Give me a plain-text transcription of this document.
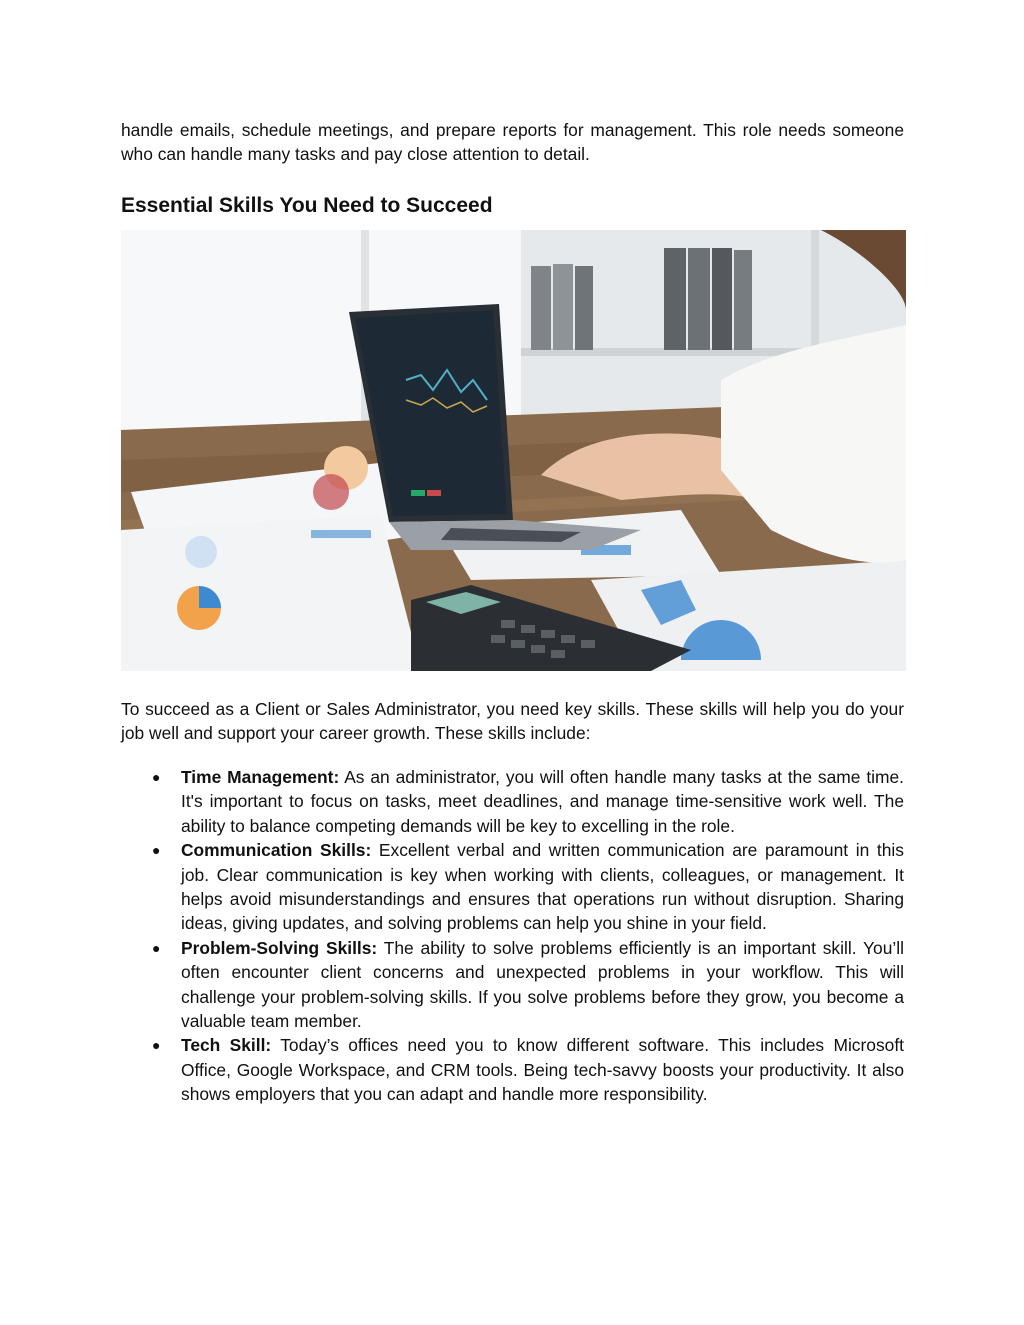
handle emails, schedule meetings, and prepare reports for management. This role needs someone who can handle many tasks and pay close attention to detail.

Essential Skills You Need to Succeed

To succeed as a Client or Sales Administrator, you need key skills. These skills will help you do your job well and support your career growth. These skills include:

● Time Management: As an administrator, you will often handle many tasks at the same time. It's important to focus on tasks, meet deadlines, and manage time-sensitive work well. The ability to balance competing demands will be key to excelling in the role.
● Communication Skills: Excellent verbal and written communication are paramount in this job. Clear communication is key when working with clients, colleagues, or management. It helps avoid misunderstandings and ensures that operations run without disruption. Sharing ideas, giving updates, and solving problems can help you shine in your field.
● Problem-Solving Skills: The ability to solve problems efficiently is an important skill. You’ll often encounter client concerns and unexpected problems in your workflow. This will challenge your problem-solving skills. If you solve problems before they grow, you become a valuable team member.
● Tech Skill: Today’s offices need you to know different software. This includes Microsoft Office, Google Workspace, and CRM tools. Being tech-savvy boosts your productivity. It also shows employers that you can adapt and handle more responsibility.
